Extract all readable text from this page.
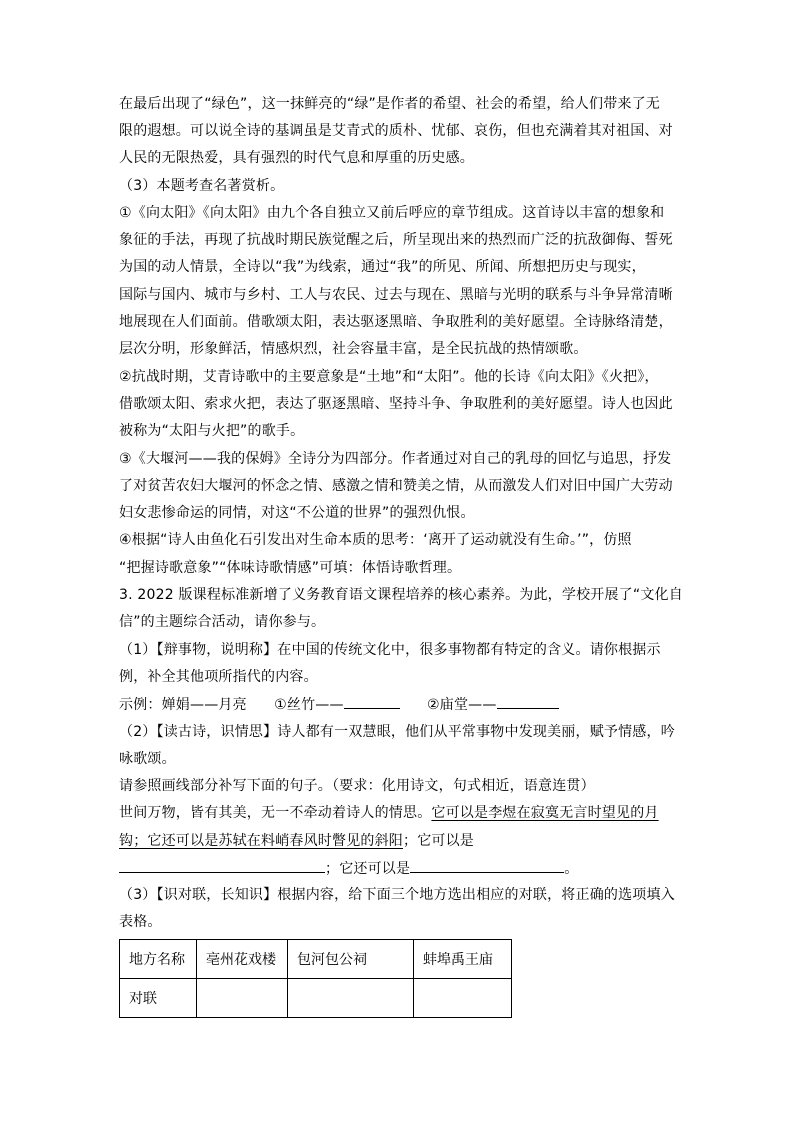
在最后出现了“绿色”，这一抹鲜亮的“绿”是作者的希望、社会的希望，给人们带来了无

限的遐想。可以说全诗的基调虽是艾青式的质朴、忧郁、哀伤，但也充满着其对祖国、对

人民的无限热爱，具有强烈的时代气息和厚重的历史感。

（3）本题考查名著赏析。

①《向太阳》《向太阳》由九个各自独立又前后呼应的章节组成。这首诗以丰富的想象和

象征的手法，再现了抗战时期民族觉醒之后，所呈现出来的热烈而广泛的抗敌御侮、誓死

为国的动人情景，全诗以“我”为线索，通过“我”的所见、所闻、所想把历史与现实，

国际与国内、城市与乡村、工人与农民、过去与现在、黑暗与光明的联系与斗争异常清晰

地展现在人们面前。借歌颂太阳，表达驱逐黑暗、争取胜利的美好愿望。全诗脉络清楚，

层次分明，形象鲜活，情感炽烈，社会容量丰富，是全民抗战的热情颂歌。

②抗战时期，艾青诗歌中的主要意象是“土地”和“太阳”。他的长诗《向太阳》《火把》，

借歌颂太阳、索求火把，表达了驱逐黑暗、坚持斗争、争取胜利的美好愿望。诗人也因此

被称为“太阳与火把”的歌手。

③《大堰河——我的保姆》全诗分为四部分。作者通过对自己的乳母的回忆与追思，抒发

了对贫苦农妇大堰河的怀念之情、感激之情和赞美之情，从而激发人们对旧中国广大劳动

妇女悲惨命运的同情，对这“不公道的世界”的强烈仇恨。

④根据“诗人由鱼化石引发出对生命本质的思考：‘离开了运动就没有生命。’”，仿照

“把握诗歌意象”“体味诗歌情感”可填：体悟诗歌哲理。

3. 2022 版课程标准新增了义务教育语文课程培养的核心素养。为此，学校开展了“文化自

信”的主题综合活动，请你参与。

（1）【辩事物，说明称】在中国的传统文化中，很多事物都有特定的含义。请你根据示

例，补全其他项所指代的内容。

示例：婵娟——月亮 ①丝竹——	②庙堂——

（2）【读古诗，识情思】诗人都有一双慧眼，他们从平常事物中发现美丽，赋予情感，吟

咏歌颂。

请参照画线部分补写下面的句子。（要求：化用诗文，句式相近，语意连贯）

世间万物，皆有其美，无一不牵动着诗人的情思。它可以是李煜在寂寞无言时望见的月

钩；它还可以是苏轼在料峭春风时瞥见的斜阳；它可以是

；它还可以是	。

（3）【识对联，长知识】根据内容，给下面三个地方选出相应的对联，将正确的选项填入

表格。

地方名称	亳州花戏楼	包河包公祠	蚌埠禹王庙
对联			
